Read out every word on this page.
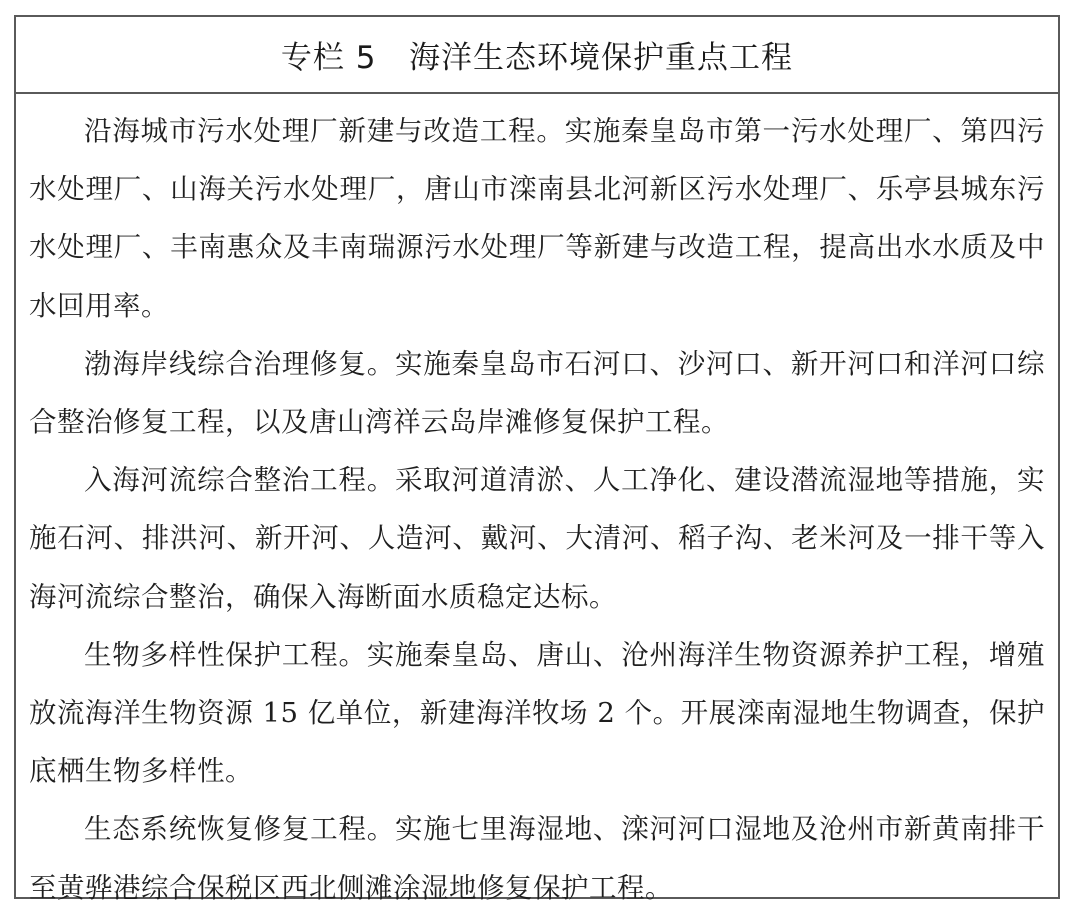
专栏 5   海洋生态环境保护重点工程

沿海城市污水处理厂新建与改造工程。实施秦皇岛市第一污水处理厂、第四污水处理厂、山海关污水处理厂，唐山市滦南县北河新区污水处理厂、乐亭县城东污水处理厂、丰南惠众及丰南瑞源污水处理厂等新建与改造工程，提高出水水质及中水回用率。

渤海岸线综合治理修复。实施秦皇岛市石河口、沙河口、新开河口和洋河口综合整治修复工程，以及唐山湾祥云岛岸滩修复保护工程。

入海河流综合整治工程。采取河道清淤、人工净化、建设潜流湿地等措施，实施石河、排洪河、新开河、人造河、戴河、大清河、稻子沟、老米河及一排干等入海河流综合整治，确保入海断面水质稳定达标。

生物多样性保护工程。实施秦皇岛、唐山、沧州海洋生物资源养护工程，增殖放流海洋生物资源 15 亿单位，新建海洋牧场 2 个。开展滦南湿地生物调查，保护底栖生物多样性。

生态系统恢复修复工程。实施七里海湿地、滦河河口湿地及沧州市新黄南排干至黄骅港综合保税区西北侧滩涂湿地修复保护工程。
